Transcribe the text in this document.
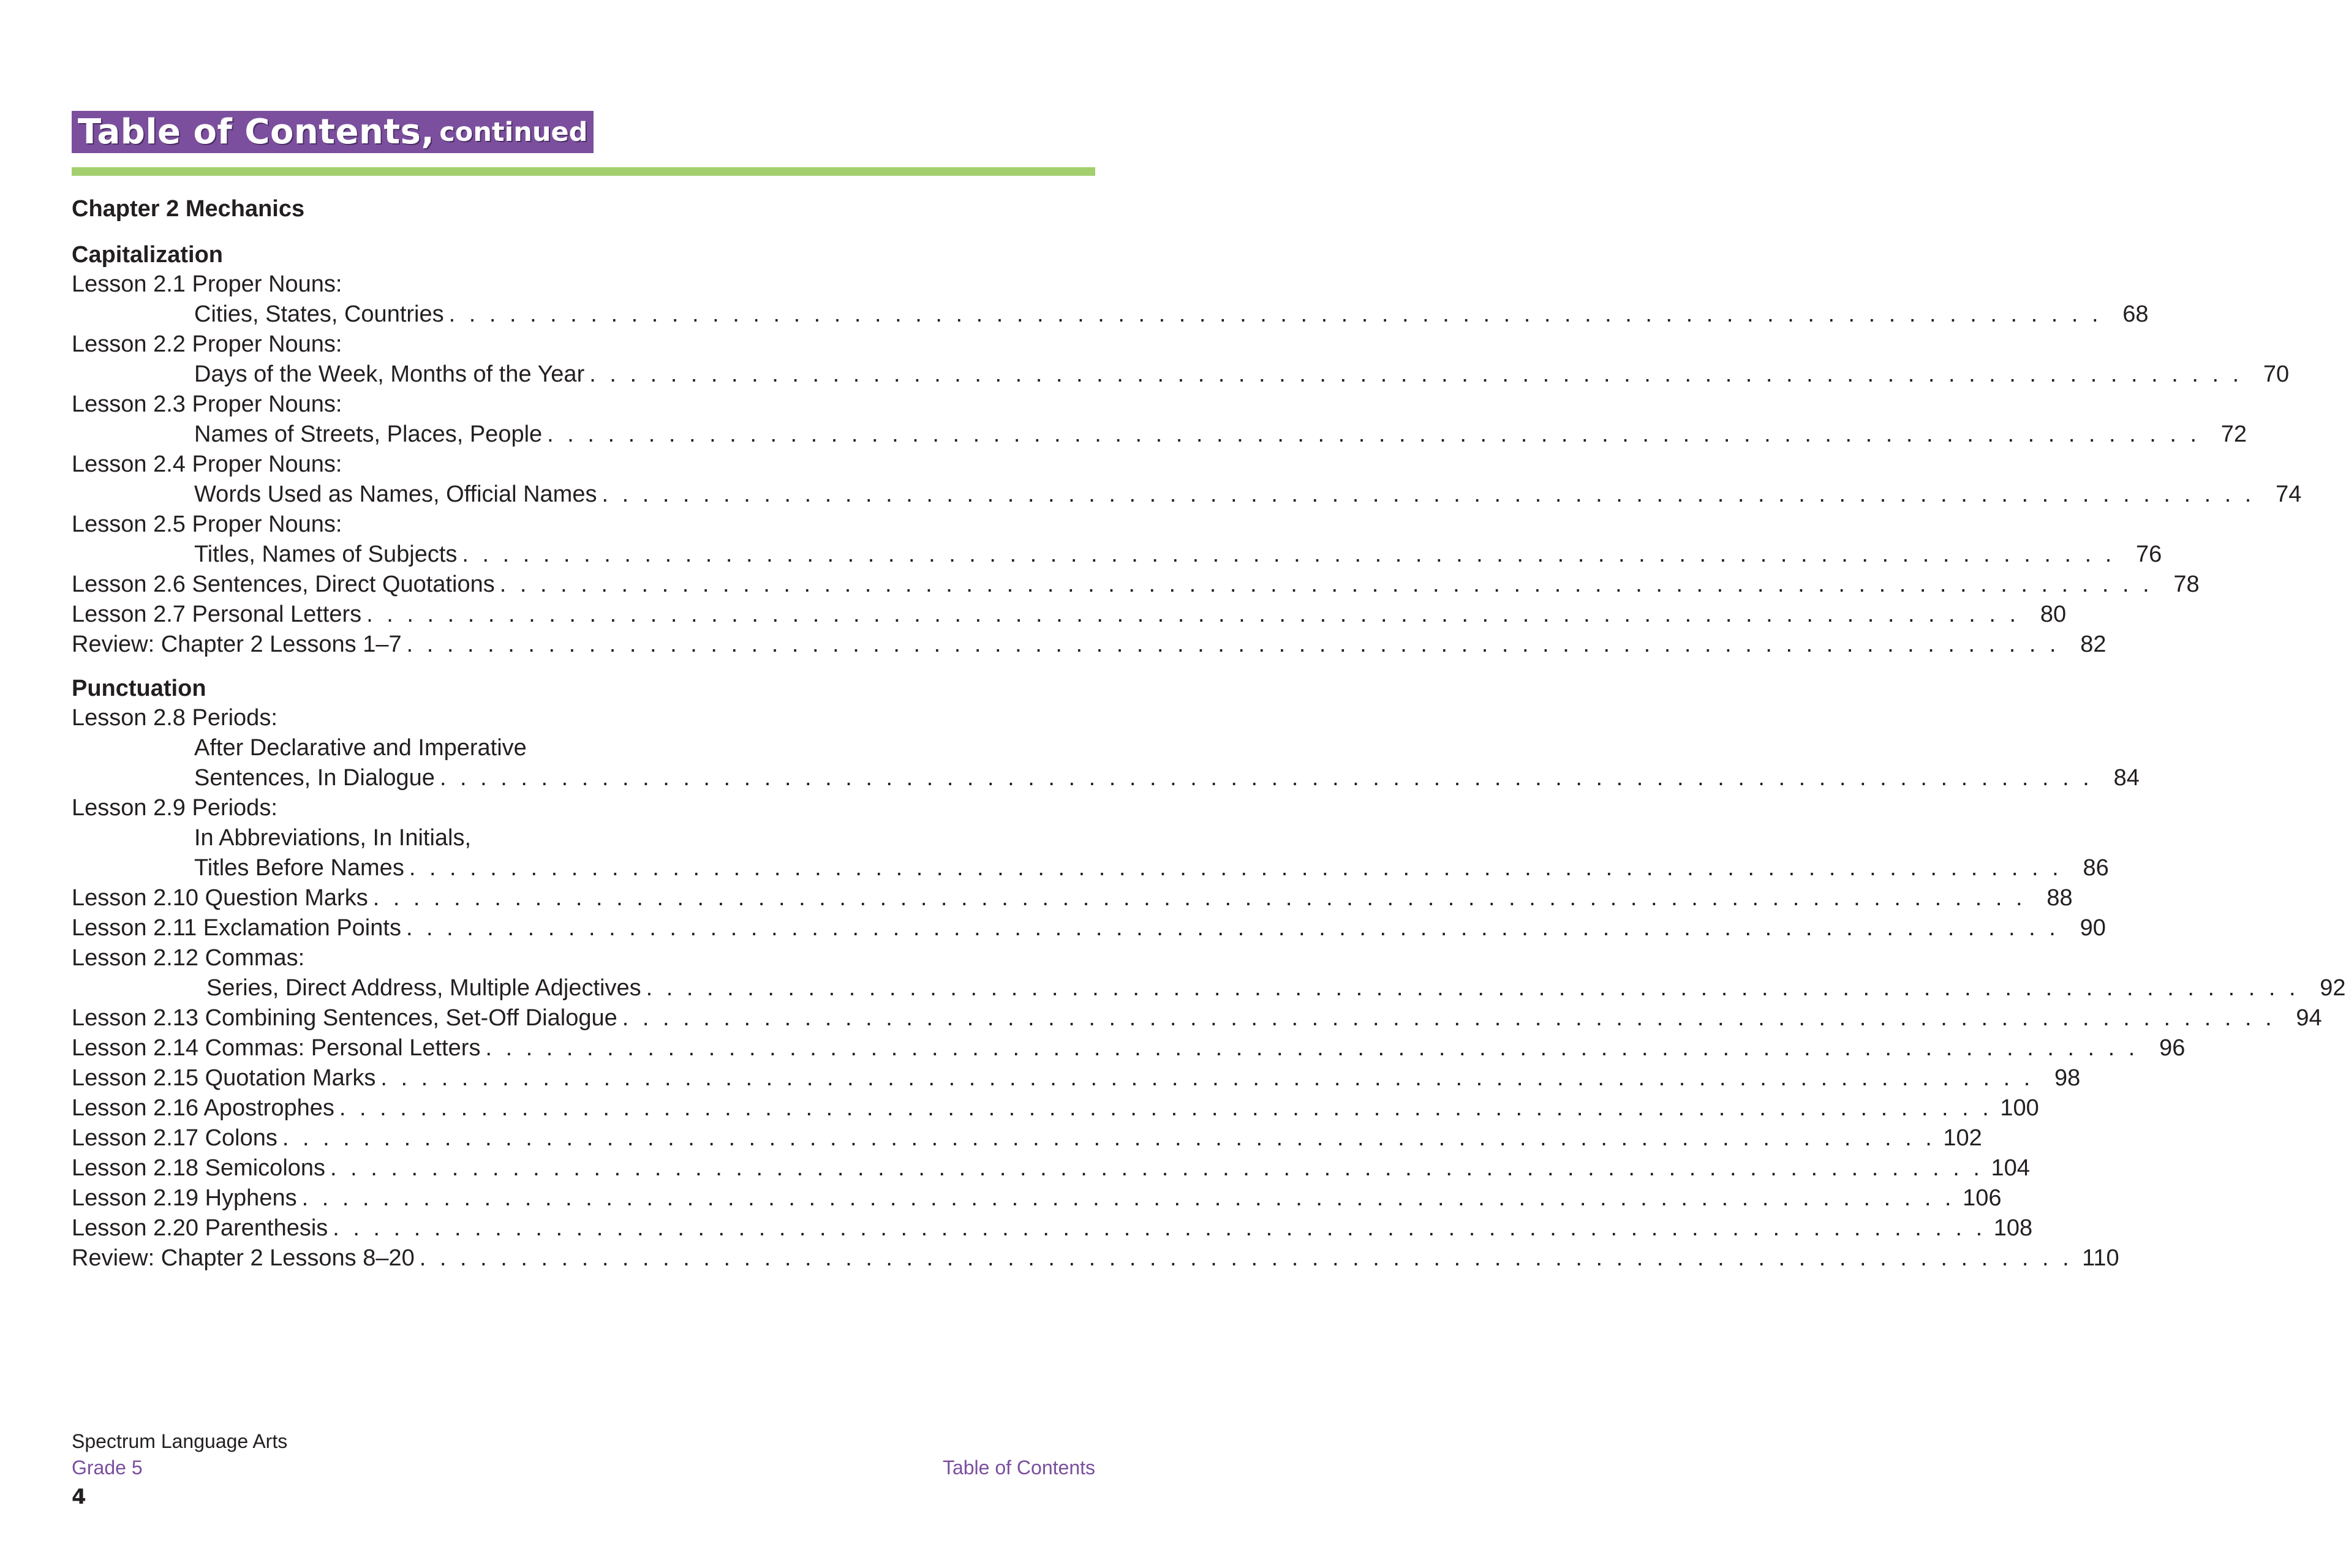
Table of Contents, continued
Chapter 2 Mechanics
Capitalization
Lesson 2.1 Proper Nouns:
Cities, States, Countries . . . . . . . . . . . . . . . . . . . . . . . . . . . . . . . . . . . . . . . . . . . . . . . . . . . . . . . . . . . . . . . . . . . . . . . . . . . . . . . . . . 68
Lesson 2.2 Proper Nouns:
Days of the Week, Months of the Year . . . . . . . . . . . . . . . . . . . . . . . . . . . . . . . . . . . . . . . . . . . . . . . . . . . . . . . . . . . . . . . . . . . . . . . . . . . . . . . . . . 70
Lesson 2.3 Proper Nouns:
Names of Streets, Places, People . . . . . . . . . . . . . . . . . . . . . . . . . . . . . . . . . . . . . . . . . . . . . . . . . . . . . . . . . . . . . . . . . . . . . . . . . . . . . . . . . . 72
Lesson 2.4 Proper Nouns:
Words Used as Names, Official Names . . . . . . . . . . . . . . . . . . . . . . . . . . . . . . . . . . . . . . . . . . . . . . . . . . . . . . . . . . . . . . . . . . . . . . . . . . . . . . . . . . 74
Lesson 2.5 Proper Nouns:
Titles, Names of Subjects . . . . . . . . . . . . . . . . . . . . . . . . . . . . . . . . . . . . . . . . . . . . . . . . . . . . . . . . . . . . . . . . . . . . . . . . . . . . . . . . . . 76
Lesson 2.6 Sentences, Direct Quotations . . . . . . . . . . . . . . . . . . . . . . . . . . . . . . . . . . . . . . . . . . . . . . . . . . . . . . . . . . . . . . . . . . . . . . . . . . . . . . . . . . 78
Lesson 2.7 Personal Letters . . . . . . . . . . . . . . . . . . . . . . . . . . . . . . . . . . . . . . . . . . . . . . . . . . . . . . . . . . . . . . . . . . . . . . . . . . . . . . . . . . 80
Review: Chapter 2 Lessons 1–7 . . . . . . . . . . . . . . . . . . . . . . . . . . . . . . . . . . . . . . . . . . . . . . . . . . . . . . . . . . . . . . . . . . . . . . . . . . . . . . . . . . 82
Punctuation
Lesson 2.8 Periods:
After Declarative and Imperative
Sentences, In Dialogue . . . . . . . . . . . . . . . . . . . . . . . . . . . . . . . . . . . . . . . . . . . . . . . . . . . . . . . . . . . . . . . . . . . . . . . . . . . . . . . . . . 84
Lesson 2.9 Periods:
In Abbreviations, In Initials,
Titles Before Names . . . . . . . . . . . . . . . . . . . . . . . . . . . . . . . . . . . . . . . . . . . . . . . . . . . . . . . . . . . . . . . . . . . . . . . . . . . . . . . . . . 86
Lesson 2.10 Question Marks . . . . . . . . . . . . . . . . . . . . . . . . . . . . . . . . . . . . . . . . . . . . . . . . . . . . . . . . . . . . . . . . . . . . . . . . . . . . . . . . . . 88
Lesson 2.11 Exclamation Points . . . . . . . . . . . . . . . . . . . . . . . . . . . . . . . . . . . . . . . . . . . . . . . . . . . . . . . . . . . . . . . . . . . . . . . . . . . . . . . . . . 90
Lesson 2.12 Commas:
Series, Direct Address, Multiple Adjectives . . . . . . . . . . . . . . . . . . . . . . . . . . . . . . . . . . . . . . . . . . . . . . . . . . . . . . . . . . . . . . . . . . . . . . . . . . . . . . . . . . 92
Lesson 2.13 Combining Sentences, Set-Off Dialogue . . . . . . . . . . . . . . . . . . . . . . . . . . . . . . . . . . . . . . . . . . . . . . . . . . . . . . . . . . . . . . . . . . . . . . . . . . . . . . . . . . 94
Lesson 2.14 Commas: Personal Letters . . . . . . . . . . . . . . . . . . . . . . . . . . . . . . . . . . . . . . . . . . . . . . . . . . . . . . . . . . . . . . . . . . . . . . . . . . . . . . . . . . 96
Lesson 2.15 Quotation Marks . . . . . . . . . . . . . . . . . . . . . . . . . . . . . . . . . . . . . . . . . . . . . . . . . . . . . . . . . . . . . . . . . . . . . . . . . . . . . . . . . . 98
Lesson 2.16 Apostrophes . . . . . . . . . . . . . . . . . . . . . . . . . . . . . . . . . . . . . . . . . . . . . . . . . . . . . . . . . . . . . . . . . . . . . . . . . . . . . . . . . . 100
Lesson 2.17 Colons . . . . . . . . . . . . . . . . . . . . . . . . . . . . . . . . . . . . . . . . . . . . . . . . . . . . . . . . . . . . . . . . . . . . . . . . . . . . . . . . . . 102
Lesson 2.18 Semicolons . . . . . . . . . . . . . . . . . . . . . . . . . . . . . . . . . . . . . . . . . . . . . . . . . . . . . . . . . . . . . . . . . . . . . . . . . . . . . . . . . . 104
Lesson 2.19 Hyphens . . . . . . . . . . . . . . . . . . . . . . . . . . . . . . . . . . . . . . . . . . . . . . . . . . . . . . . . . . . . . . . . . . . . . . . . . . . . . . . . . . 106
Lesson 2.20 Parenthesis . . . . . . . . . . . . . . . . . . . . . . . . . . . . . . . . . . . . . . . . . . . . . . . . . . . . . . . . . . . . . . . . . . . . . . . . . . . . . . . . . . 108
Review: Chapter 2 Lessons 8–20 . . . . . . . . . . . . . . . . . . . . . . . . . . . . . . . . . . . . . . . . . . . . . . . . . . . . . . . . . . . . . . . . . . . . . . . . . . . . . . . . . . 110
Spectrum Language Arts
Grade 5	Table of Contents
4
